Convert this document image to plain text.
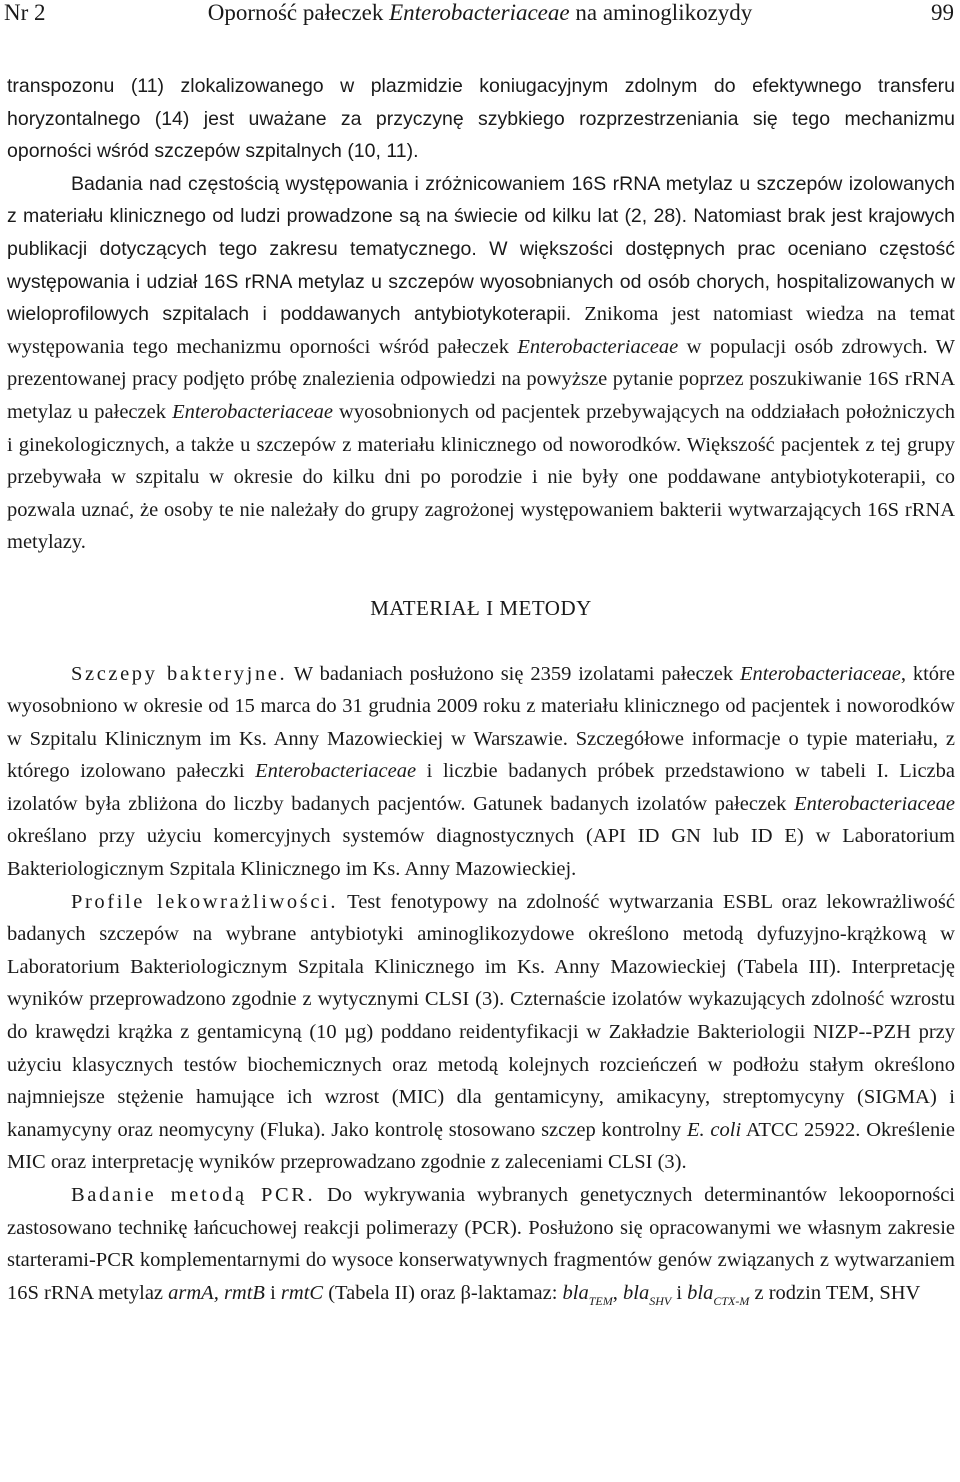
Nr 2	Oporność pałeczek Enterobacteriaceae na aminoglikozydy	99

transpozonu (11) zlokalizowanego w plazmidzie koniugacyjnym zdolnym do efektywnego transferu horyzontalnego (14) jest uważane za przyczynę szybkiego rozprzestrzeniania się tego mechanizmu oporności wśród szczepów szpitalnych (10, 11).

Badania nad częstością występowania i zróżnicowaniem 16S rRNA metylaz u szczepów izolowanych z materiału klinicznego od ludzi prowadzone są na świecie od kilku lat (2, 28). Natomiast brak jest krajowych publikacji dotyczących tego zakresu tematycznego. W większości dostępnych prac oceniano częstość występowania i udział 16S rRNA metylaz u szczepów wyosobnianych od osób chorych, hospitalizowanych w wieloprofilowych szpitalach i poddawanych antybiotykoterapii. Znikoma jest natomiast wiedza na temat występowania tego mechanizmu oporności wśród pałeczek Enterobacteriaceae w populacji osób zdrowych. W prezentowanej pracy podjęto próbę znalezienia odpowiedzi na powyższe pytanie poprzez poszukiwanie 16S rRNA metylaz u pałeczek Enterobacteriaceae wyosobnionych od pacjentek przebywających na oddziałach położniczych i ginekologicznych, a także u szczepów z materiału klinicznego od noworodków. Większość pacjentek z tej grupy przebywała w szpitalu w okresie do kilku dni po porodzie i nie były one poddawane antybiotykoterapii, co pozwala uznać, że osoby te nie należały do grupy zagrożonej występowaniem bakterii wytwarzających 16S rRNA metylazy.

MATERIAŁ I METODY

Szczepy bakteryjne. W badaniach posłużono się 2359 izolatami pałeczek Enterobacteriaceae, które wyosobniono w okresie od 15 marca do 31 grudnia 2009 roku z materiału klinicznego od pacjentek i noworodków w Szpitalu Klinicznym im Ks. Anny Mazowieckiej w Warszawie. Szczegółowe informacje o typie materiału, z którego izolowano pałeczki Enterobacteriaceae i liczbie badanych próbek przedstawiono w tabeli I. Liczba izolatów była zbliżona do liczby badanych pacjentów. Gatunek badanych izolatów pałeczek Enterobacteriaceae określano przy użyciu komercyjnych systemów diagnostycznych (API ID GN lub ID E) w Laboratorium Bakteriologicznym Szpitala Klinicznego im Ks. Anny Mazowieckiej.

Profile lekowrażliwości. Test fenotypowy na zdolność wytwarzania ESBL oraz lekowrażliwość badanych szczepów na wybrane antybiotyki aminoglikozydowe określono metodą dyfuzyjno-krążkową w Laboratorium Bakteriologicznym Szpitala Klinicznego im Ks. Anny Mazowieckiej (Tabela III). Interpretację wyników przeprowadzono zgodnie z wytycznymi CLSI (3). Czternaście izolatów wykazujących zdolność wzrostu do krawędzi krążka z gentamicyną (10 µg) poddano reidentyfikacji w Zakładzie Bakteriologii NIZP--PZH przy użyciu klasycznych testów biochemicznych oraz metodą kolejnych rozcieńczeń w podłożu stałym określono najmniejsze stężenie hamujące ich wzrost (MIC) dla gentamicyny, amikacyny, streptomycyny (SIGMA) i kanamycyny oraz neomycyny (Fluka). Jako kontrolę stosowano szczep kontrolny E. coli ATCC 25922. Określenie MIC oraz interpretację wyników przeprowadzano zgodnie z zaleceniami CLSI (3).

Badanie metodą PCR. Do wykrywania wybranych genetycznych determinantów lekooporności zastosowano technikę łańcuchowej reakcji polimerazy (PCR). Posłużono się opracowanymi we własnym zakresie starterami-PCR komplementarnymi do wysoce konserwatywnych fragmentów genów związanych z wytwarzaniem 16S rRNA metylaz armA, rmtB i rmtC (Tabela II) oraz β-laktamaz: bla$_{TEM}$, bla$_{SHV}$ i bla$_{CTX-M}$ z rodzin TEM, SHV
